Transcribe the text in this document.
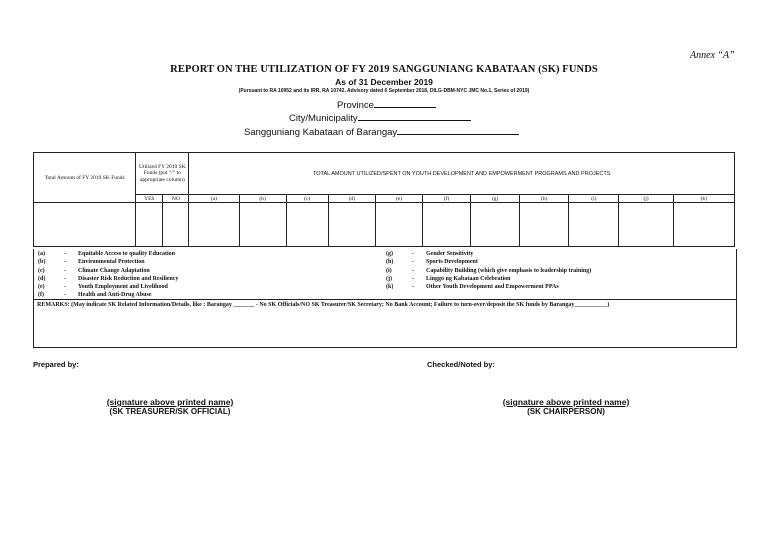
Annex “A”
REPORT ON THE UTILIZATION OF FY 2019 SANGGUNIANG KABATAAN (SK) FUNDS
As of 31 December 2019
(Pursuant to RA 10952 and its IRR, RA 10742, Advisory dated 6 September 2018, DILG-DBM-NYC JMC No.1, Series of 2019)
Province
City/Municipality
Sangguniang Kabataan of Barangay
Total Amount of FY 2019 SK Funds	Utilized FY 2019 SK Funds (put “/” to appropriate column)		TOTAL AMOUNT UTILIZED/SPENT ON YOUTH DEVELOPMENT AND EMPOWERMENT PROGRAMS AND PROJECTS										
	YES	NO	(a)	(b)	(c)	(d)	(e)	(f)	(g)	(h)	(i)	(j)	(k)

(a)	- Equitable Access to quality Education
(b)	- Environmental Protection
(c)	- Climate Change Adaptation
(d)	- Disaster Risk Reduction and Resiliency
(e)	- Youth Employment and Livelihood
(f)	- Health and Anti-Drug Abuse
(g)	- Gender Sensitivity
(h)	- Sports Development
(i)	- Capability Building (which give emphasis to leadership training)
(j)	- Linggo ng Kabataan Celebration
(k)	- Other Youth Development and Empowerment PPAs
REMARKS: (May indicate SK Related Information/Details, like : Barangay _______ - No SK Officials/NO SK Treasurer/SK Secretary; No Bank Account; Failure to turn-over/deposit the SK funds by Barangay___________)
Prepared by:	Checked/Noted by:
(signature above printed name)
(SK TREASURER/SK OFFICIAL)
(signature above printed name)
(SK CHAIRPERSON)
